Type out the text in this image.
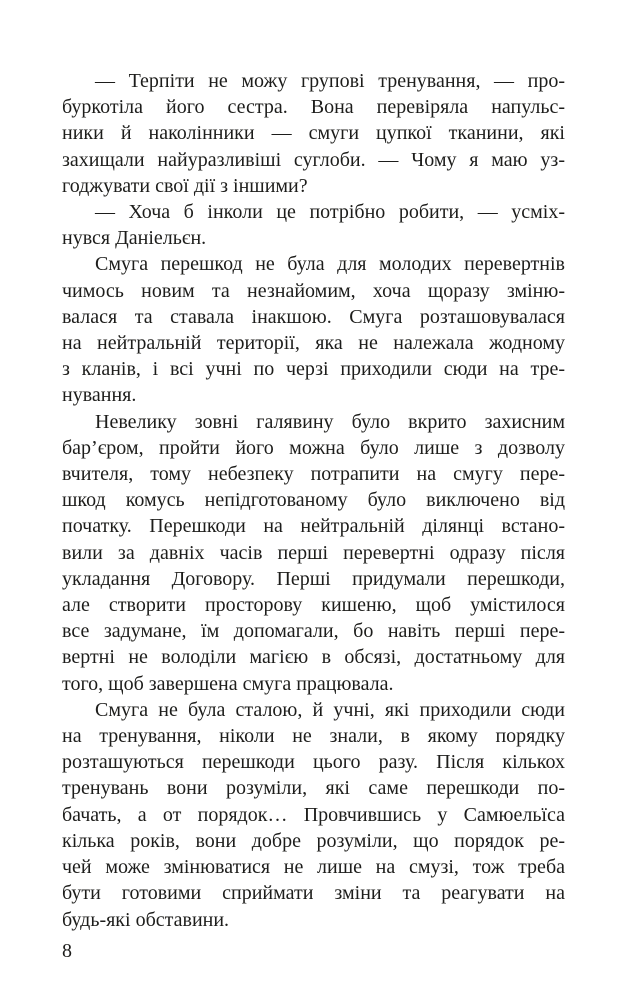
— Терпіти не можу групові тренування, — про-
буркотіла його сестра. Вона перевіряла напульс-
ники й наколінники — смуги цупкої тканини, які
захищали найуразливіші суглоби. — Чому я маю уз-
годжувати свої дії з іншими?
— Хоча б інколи це потрібно робити, — усміх-
нувся Даніельєн.
Смуга перешкод не була для молодих перевертнів
чимось новим та незнайомим, хоча щоразу зміню-
валася та ставала інакшою. Смуга розташовувалася
на нейтральній території, яка не належала жодному
з кланів, і всі учні по черзі приходили сюди на тре-
нування.
Невелику зовні галявину було вкрито захисним
бар’єром, пройти його можна було лише з дозволу
вчителя, тому небезпеку потрапити на смугу пере-
шкод комусь непідготованому було виключено від
початку. Перешкоди на нейтральній ділянці встано-
вили за давніх часів перші перевертні одразу після
укладання Договору. Перші придумали перешкоди,
але створити просторову кишеню, щоб умістилося
все задумане, їм допомагали, бо навіть перші пере-
вертні не володіли магією в обсязі, достатньому для
того, щоб завершена смуга працювала.
Смуга не була сталою, й учні, які приходили сюди
на тренування, ніколи не знали, в якому порядку
розташуються перешкоди цього разу. Після кількох
тренувань вони розуміли, які саме перешкоди по-
бачать, а от порядок… Провчившись у Самюельїса
кілька років, вони добре розуміли, що порядок ре-
чей може змінюватися не лише на смузі, тож треба
бути готовими сприймати зміни та реагувати на
будь-які обставини.
8
